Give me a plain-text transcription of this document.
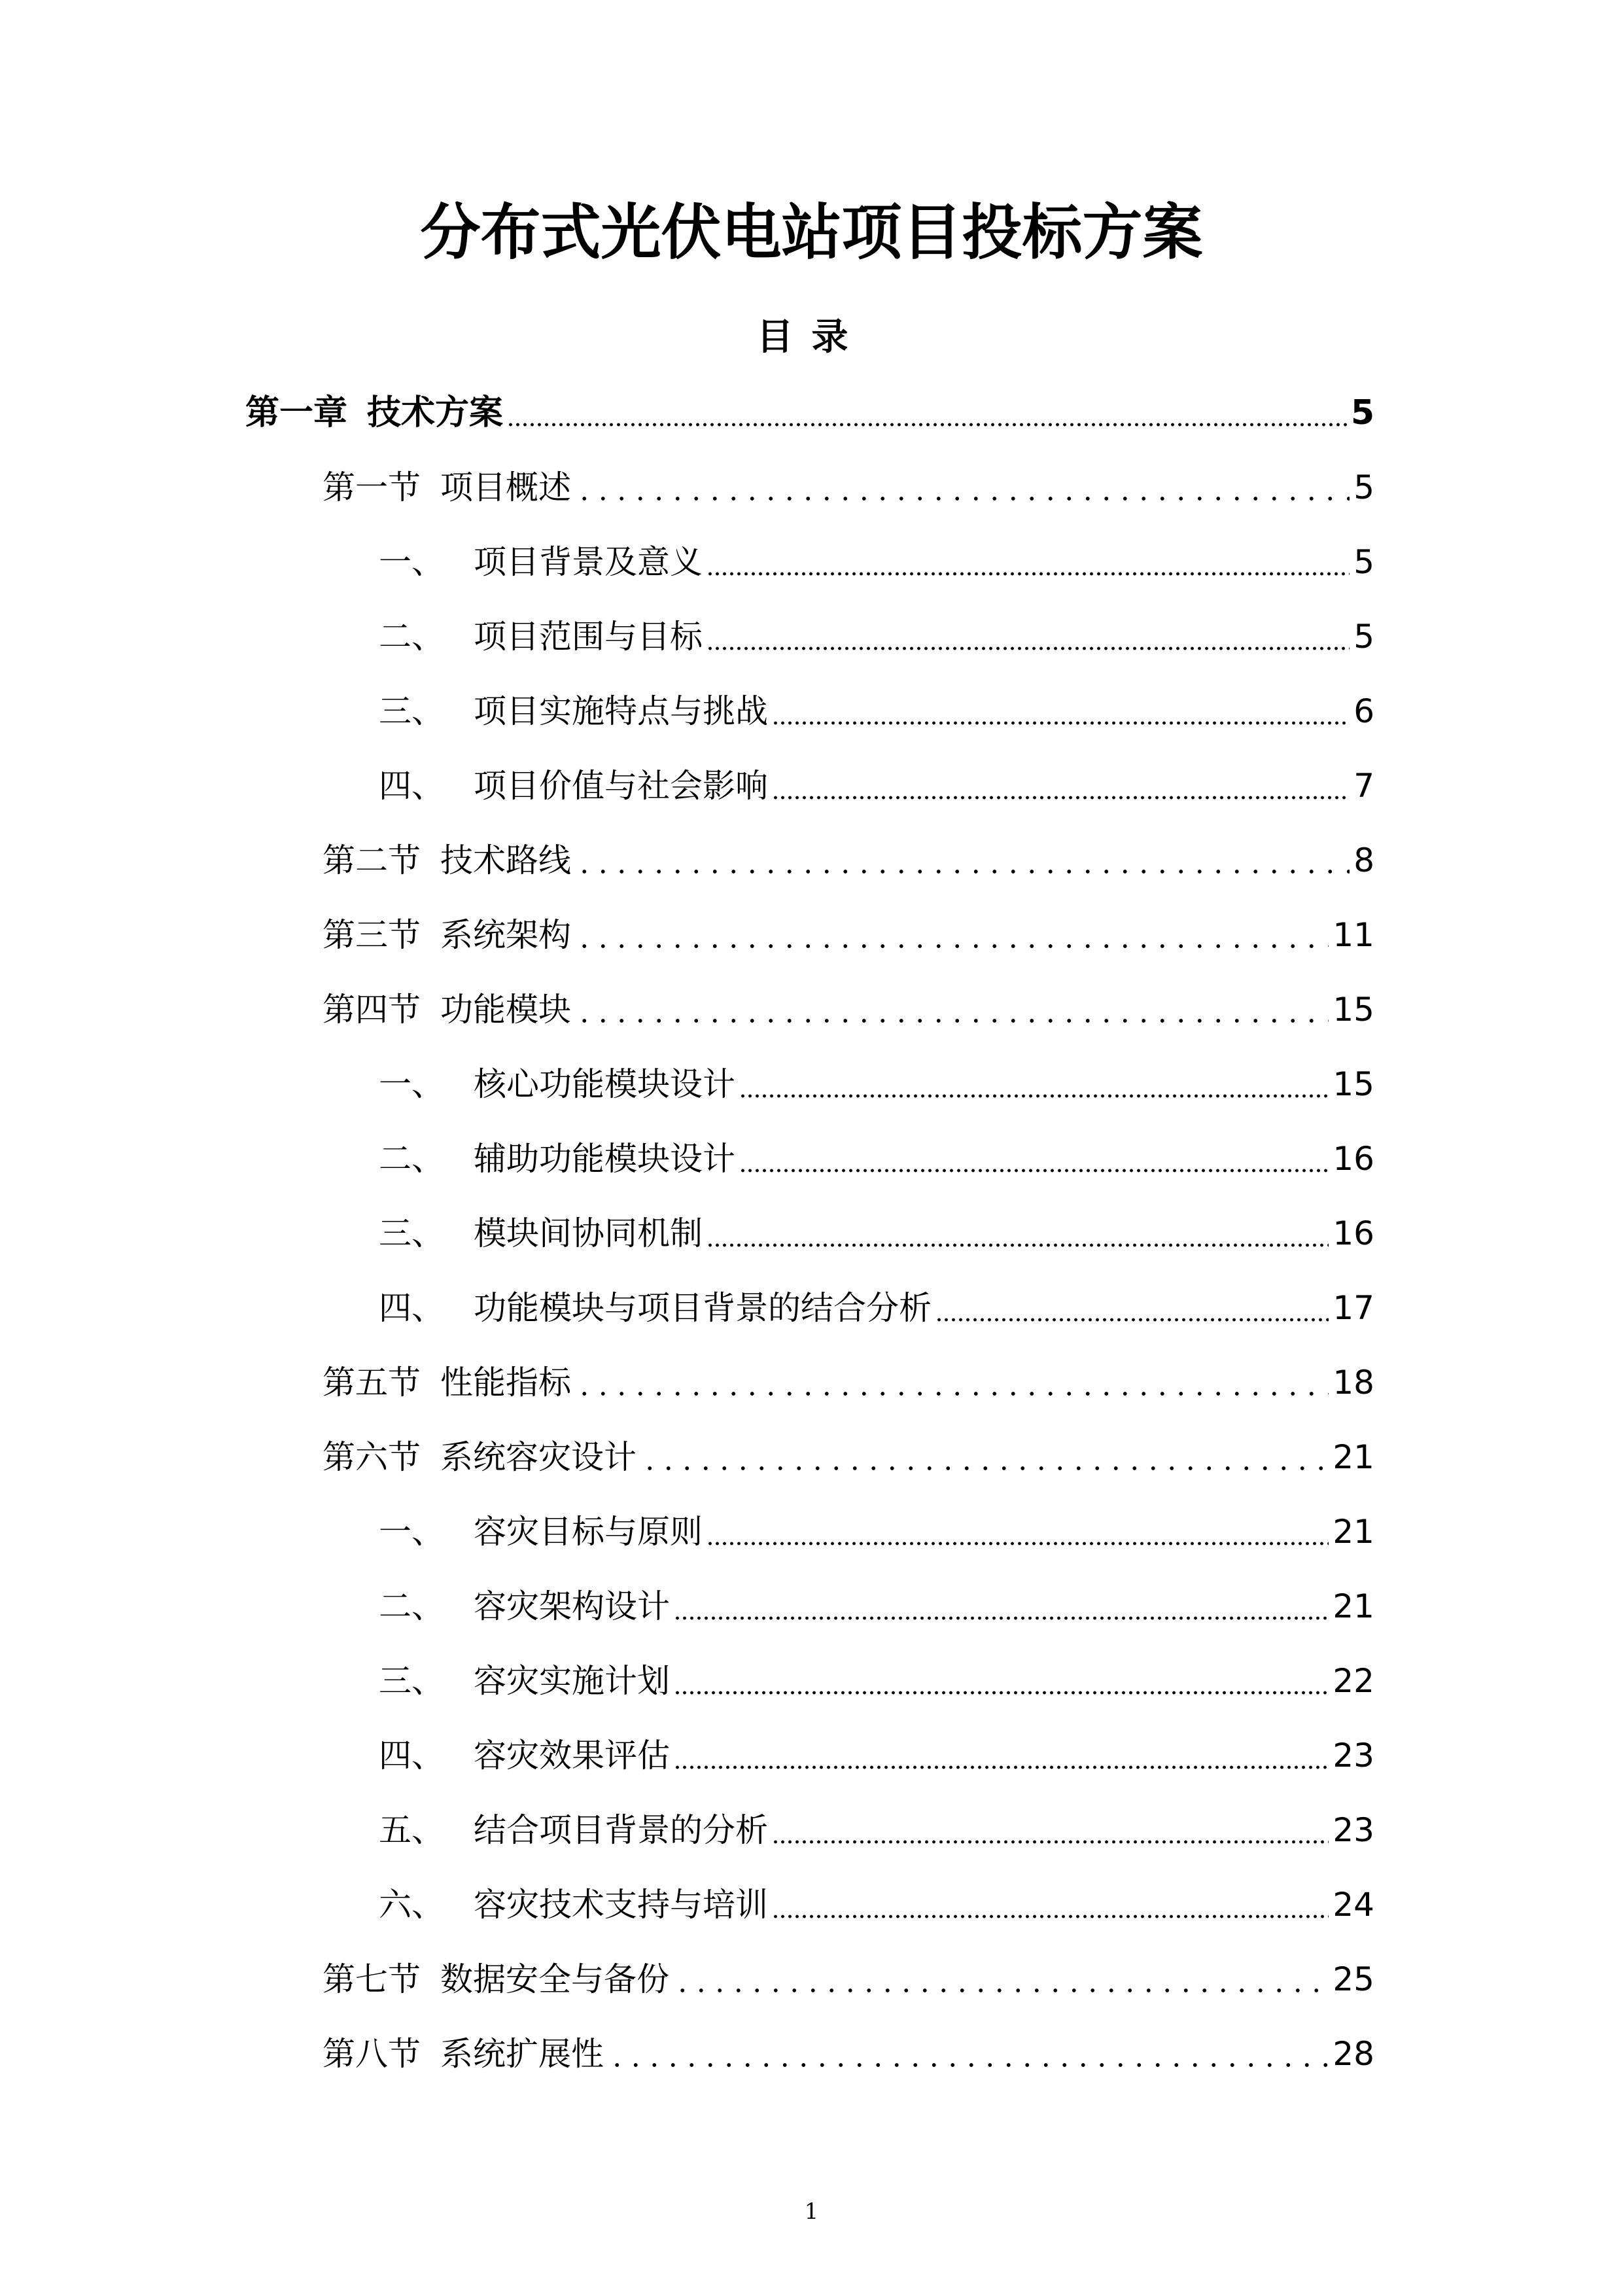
分布式光伏电站项目投标方案
目录
第一章 技术方案	5
第一节 项目概述	5
一、 项目背景及意义	5
二、 项目范围与目标	5
三、 项目实施特点与挑战	6
四、 项目价值与社会影响	7
第二节 技术路线	8
第三节 系统架构	11
第四节 功能模块	15
一、 核心功能模块设计	15
二、 辅助功能模块设计	16
三、 模块间协同机制	16
四、 功能模块与项目背景的结合分析	17
第五节 性能指标	18
第六节 系统容灾设计	21
一、 容灾目标与原则	21
二、 容灾架构设计	21
三、 容灾实施计划	22
四、 容灾效果评估	23
五、 结合项目背景的分析	23
六、 容灾技术支持与培训	24
第七节 数据安全与备份	25
第八节 系统扩展性	28
1
